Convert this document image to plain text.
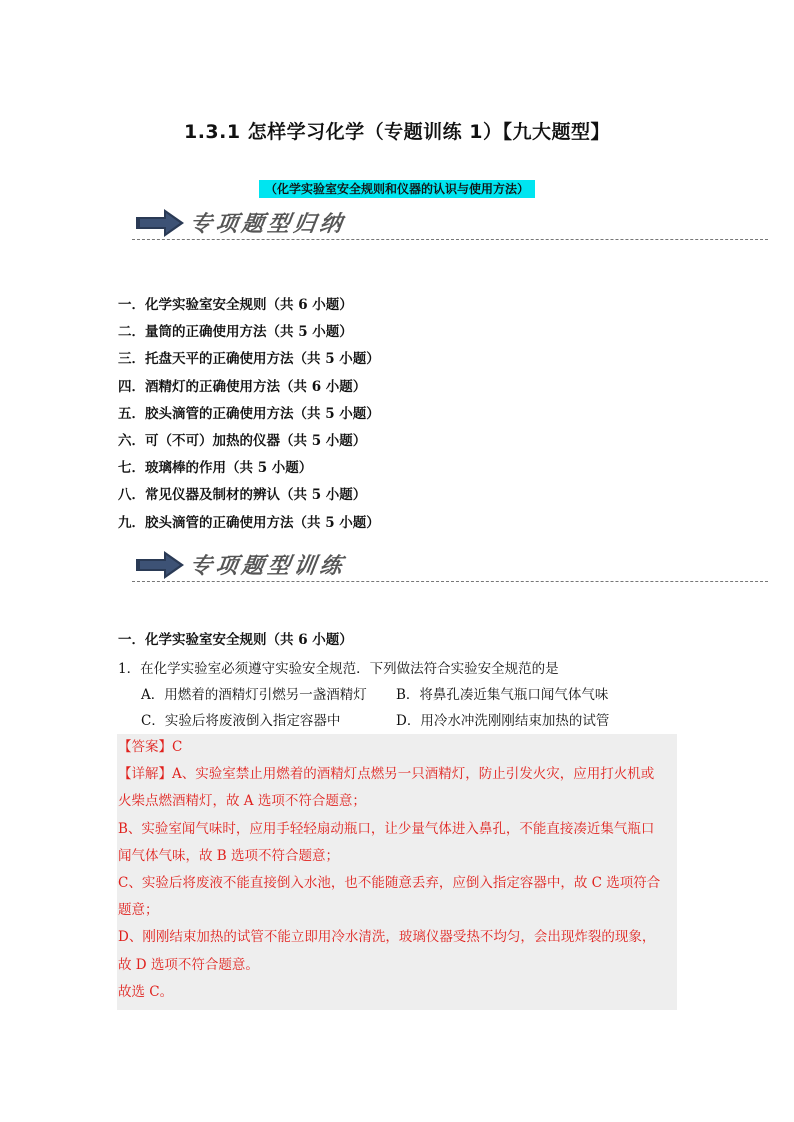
1.3.1 怎样学习化学（专题训练 1）【九大题型】
（化学实验室安全规则和仪器的认识与使用方法）
专项题型归纳
一．化学实验室安全规则（共 6 小题）
二．量筒的正确使用方法（共 5 小题）
三．托盘天平的正确使用方法（共 5 小题）
四．酒精灯的正确使用方法（共 6 小题）
五．胶头滴管的正确使用方法（共 5 小题）
六．可（不可）加热的仪器（共 5 小题）
七．玻璃棒的作用（共 5 小题）
八．常见仪器及制材的辨认（共 5 小题）
九．胶头滴管的正确使用方法（共 5 小题）
专项题型训练
一．化学实验室安全规则（共 6 小题）
1．在化学实验室必须遵守实验安全规范．下列做法符合实验安全规范的是
A．用燃着的酒精灯引燃另一盏酒精灯	B．将鼻孔凑近集气瓶口闻气体气味
C．实验后将废液倒入指定容器中	D．用冷水冲洗刚刚结束加热的试管

【答案】C

【详解】A、实验室禁止用燃着的酒精灯点燃另一只酒精灯，防止引发火灾，应用打火机或

火柴点燃酒精灯，故 A 选项不符合题意；

B、实验室闻气味时，应用手轻轻扇动瓶口，让少量气体进入鼻孔，不能直接凑近集气瓶口

闻气体气味，故 B 选项不符合题意；

C、实验后将废液不能直接倒入水池，也不能随意丢弃，应倒入指定容器中，故 C 选项符合

题意；

D、刚刚结束加热的试管不能立即用冷水清洗，玻璃仪器受热不均匀，会出现炸裂的现象，

故 D 选项不符合题意。

故选 C。
